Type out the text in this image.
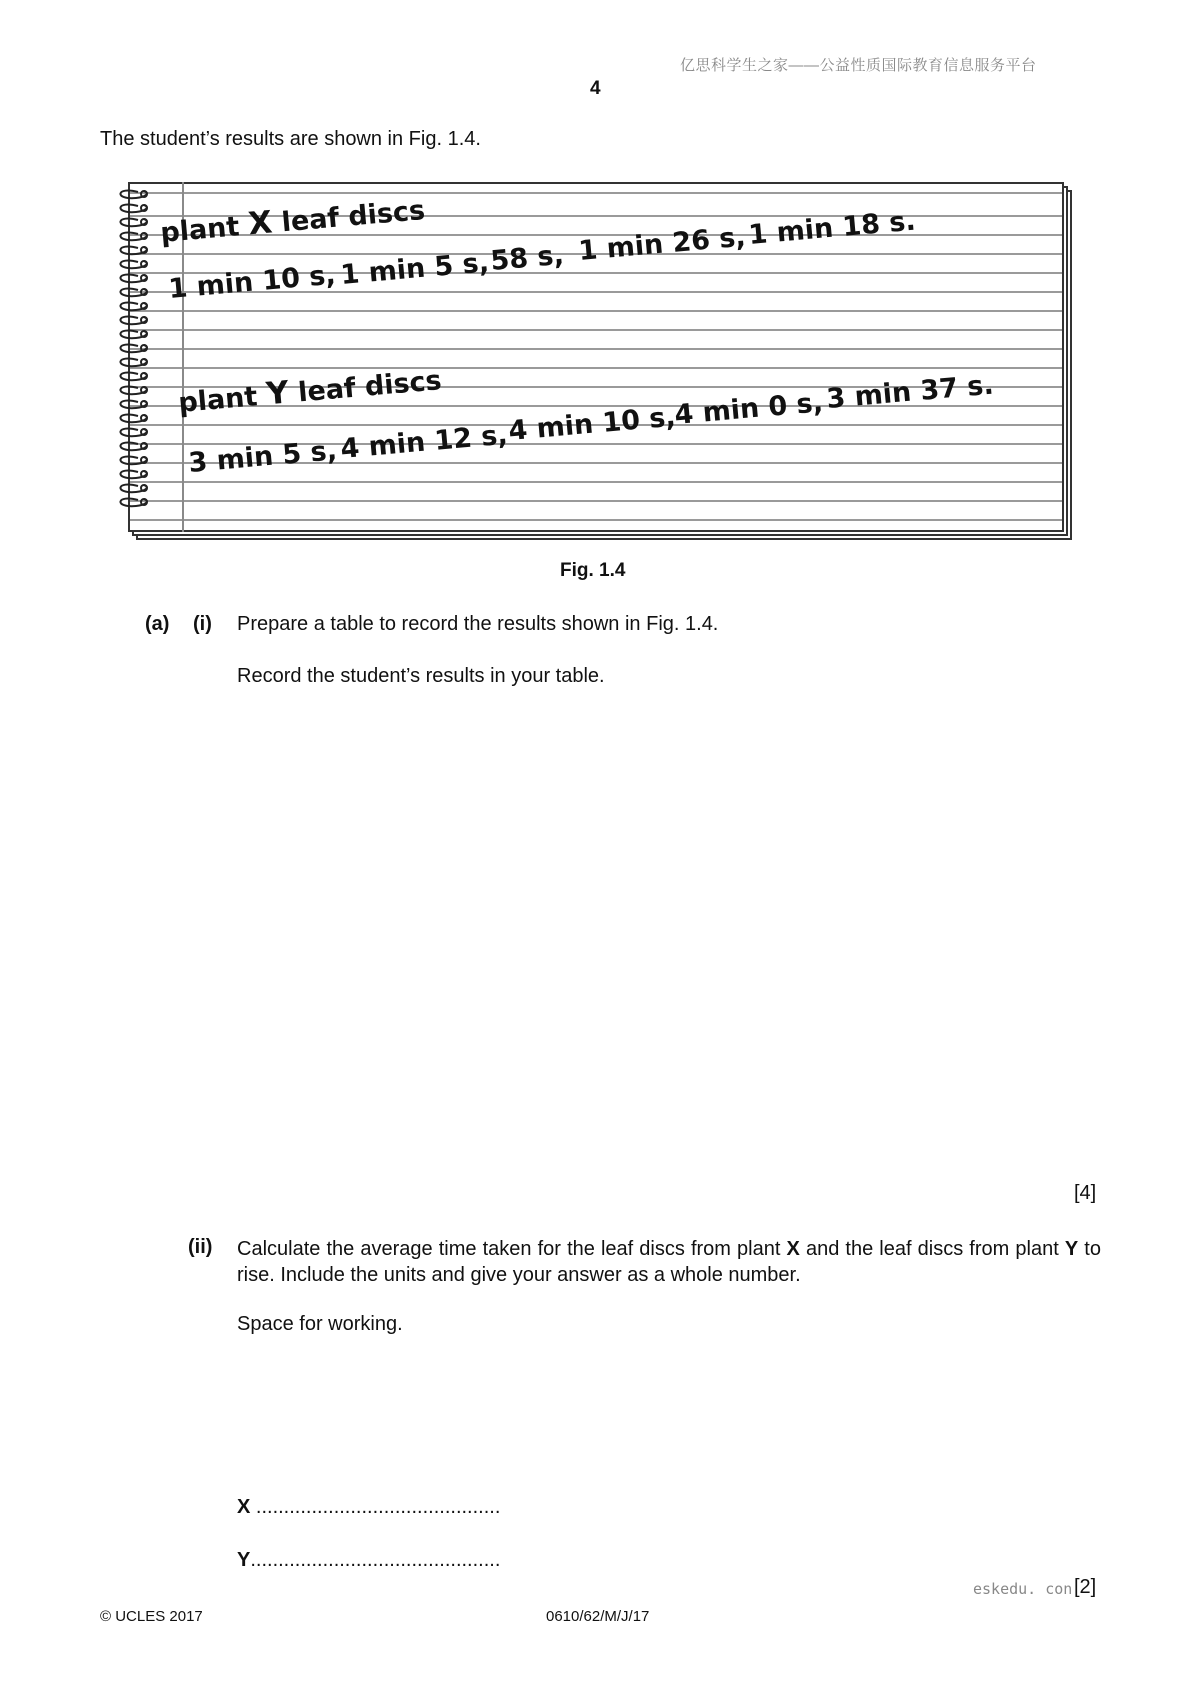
亿思科学生之家——公益性质国际教育信息服务平台
4
The student’s results are shown in Fig. 1.4.
plant X leaf discs
1 min 10 s, 1 min 5 s, 58 s, 1 min 26 s, 1 min 18 s.
plant Y leaf discs
3 min 5 s, 4 min 12 s,
4 min 10 s,
4 min 0 s, 3 min 37 s.
Fig. 1.4
(a) (i) Prepare a table to record the results shown in Fig. 1.4.
Record the student’s results in your table.
[4]
(ii) Calculate the average time taken for the leaf discs from plant X and the leaf discs from plant Y to rise. Include the units and give your answer as a whole number.
Space for working.
X ............................................
Y.............................................
eskedu. con [2]
© UCLES 2017	0610/62/M/J/17
